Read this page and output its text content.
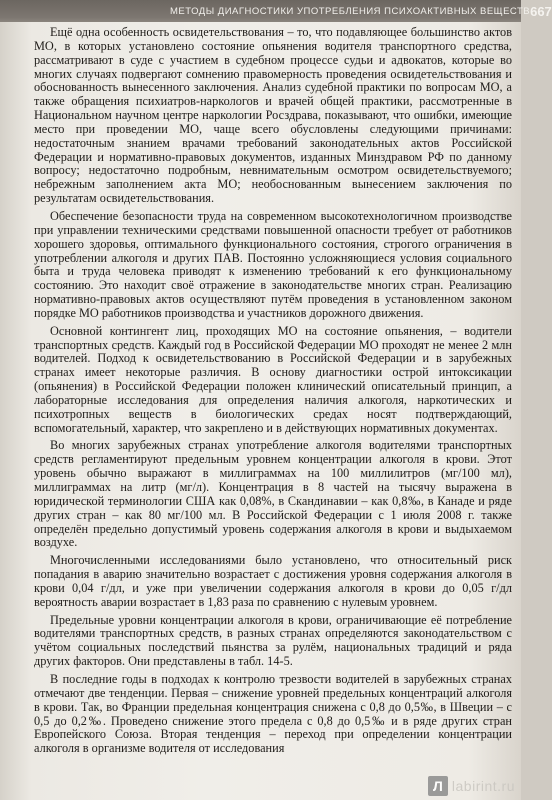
МЕТОДЫ ДИАГНОСТИКИ УПОТРЕБЛЕНИЯ ПСИХОАКТИВНЫХ ВЕЩЕСТВ 667

Ещё одна особенность освидетельствования – то, что подавляющее большинство актов МО, в которых установлено состояние опьянения водителя транспортного средства, рассматривают в суде с участием в судебном процессе судьи и адвокатов, которые во многих случаях подвергают сомнению правомерность проведения освидетельствования и обоснованность вынесенного заключения. Анализ судебной практики по вопросам МО, а также обращения психиатров-наркологов и врачей общей практики, рассмотренные в Национальном научном центре наркологии Росздрава, показывают, что ошибки, имеющие место при проведении МО, чаще всего обусловлены следующими причинами: недостаточным знанием врачами требований законодательных актов Российской Федерации и нормативно-правовых документов, изданных Минздравом РФ по данному вопросу; недостаточно подробным, невнимательным осмотром освидетельствуемого; небрежным заполнением акта МО; необоснованным вынесением заключения по результатам освидетельствования.

Обеспечение безопасности труда на современном высокотехнологичном производстве при управлении техническими средствами повышенной опасности требует от работников хорошего здоровья, оптимального функционального состояния, строгого ограничения в употреблении алкоголя и других ПАВ. Постоянно усложняющиеся условия социального быта и труда человека приводят к изменению требований к его функциональному состоянию. Это находит своё отражение в законодательстве многих стран. Реализацию нормативно-правовых актов осуществляют путём проведения в установленном законом порядке МО работников производства и участников дорожного движения.

Основной контингент лиц, проходящих МО на состояние опьянения, – водители транспортных средств. Каждый год в Российской Федерации МО проходят не менее 2 млн водителей. Подход к освидетельствованию в Российской Федерации и в зарубежных странах имеет некоторые различия. В основу диагностики острой интоксикации (опьянения) в Российской Федерации положен клинический описательный принцип, а лабораторные исследования для определения наличия алкоголя, наркотических и психотропных веществ в биологических средах носят подтверждающий, вспомогательный, характер, что закреплено и в действующих нормативных документах.

Во многих зарубежных странах употребление алкоголя водителями транспортных средств регламентируют предельным уровнем концентрации алкоголя в крови. Этот уровень обычно выражают в миллиграммах на 100 миллилитров (мг/100 мл), миллиграммах на литр (мг/л). Концентрация в 8 частей на тысячу выражена в юридической терминологии США как 0,08%, в Скандинавии – как 0,8‰, в Канаде и ряде других стран – как 80 мг/100 мл. В Российской Федерации с 1 июля 2008 г. также определён предельно допустимый уровень содержания алкоголя в крови и выдыхаемом воздухе.

Многочисленными исследованиями было установлено, что относительный риск попадания в аварию значительно возрастает с достижения уровня содержания алкоголя в крови 0,04 г/дл, и уже при увеличении содержания алкоголя в крови до 0,05 г/дл вероятность аварии возрастает в 1,83 раза по сравнению с нулевым уровнем.

Предельные уровни концентрации алкоголя в крови, ограничивающие её потребление водителями транспортных средств, в разных странах определяются законодательством с учётом социальных последствий пьянства за рулём, национальных традиций и ряда других факторов. Они представлены в табл. 14-5.

В последние годы в подходах к контролю трезвости водителей в зарубежных странах отмечают две тенденции. Первая – снижение уровней предельных концентраций алкоголя в крови. Так, во Франции предельная концентрация снижена с 0,8 до 0,5‰, в Швеции – с 0,5 до 0,2‰. Проведено снижение этого предела с 0,8 до 0,5‰ и в ряде других стран Европейского Союза. Вторая тенденция – переход при определении концентрации алкоголя в организме водителя от исследования

Л labirint.ru
